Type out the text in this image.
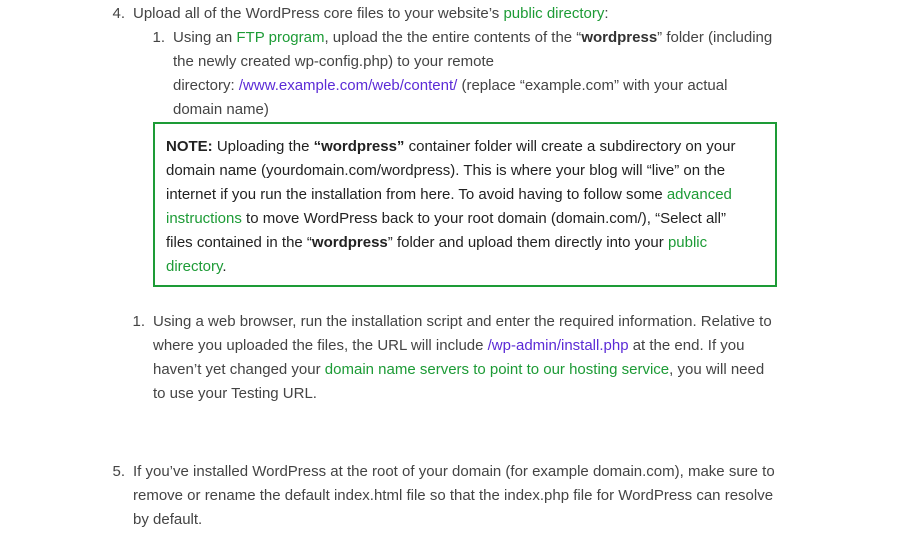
4. Upload all of the WordPress core files to your website’s public directory:
1. Using an FTP program, upload the the entire contents of the “wordpress” folder (including
the newly created wp-config.php) to your remote
directory: /www.example.com/web/content/ (replace “example.com” with your actual
domain name)
NOTE: Uploading the “wordpress” container folder will create a subdirectory on your
domain name (yourdomain.com/wordpress). This is where your blog will “live” on the
internet if you run the installation from here. To avoid having to follow some advanced
instructions to move WordPress back to your root domain (domain.com/), “Select all”
files contained in the “wordpress” folder and upload them directly into your public
directory.
1. Using a web browser, run the installation script and enter the required information. Relative to
where you uploaded the files, the URL will include /wp-admin/install.php at the end. If you
haven’t yet changed your domain name servers to point to our hosting service, you will need
to use your Testing URL.
5. If you’ve installed WordPress at the root of your domain (for example domain.com), make sure to
remove or rename the default index.html file so that the index.php file for WordPress can resolve
by default.
